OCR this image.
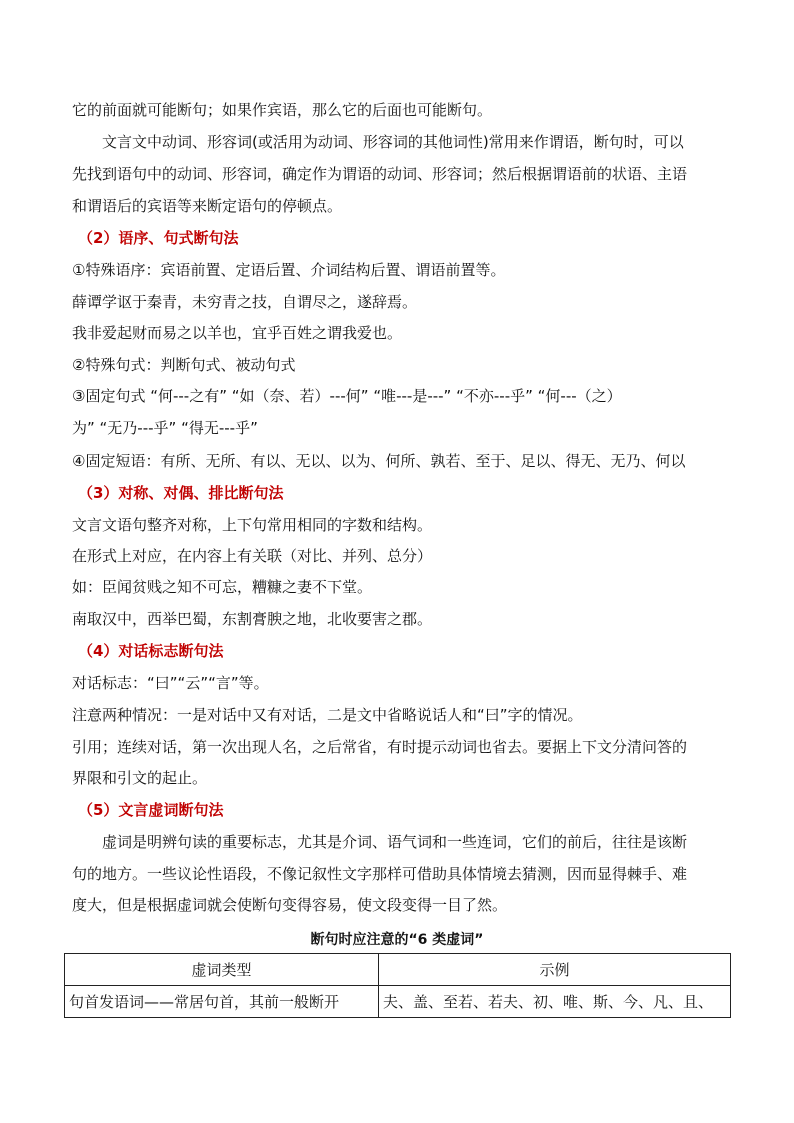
它的前面就可能断句；如果作宾语，那么它的后面也可能断句。
文言文中动词、形容词(或活用为动词、形容词的其他词性)常用来作谓语，断句时，可以
先找到语句中的动词、形容词，确定作为谓语的动词、形容词；然后根据谓语前的状语、主语
和谓语后的宾语等来断定语句的停顿点。
（2）语序、句式断句法
①特殊语序：宾语前置、定语后置、介词结构后置、谓语前置等。
薛谭学讴于秦青，未穷青之技，自谓尽之，遂辞焉。
我非爱起财而易之以羊也，宜乎百姓之谓我爱也。
②特殊句式：判断句式、被动句式
③固定句式 “何---之有” “如（奈、若）---何” “唯---是---” “不亦---乎” “何---（之）
为” “无乃---乎” “得无---乎”
④固定短语：有所、无所、有以、无以、以为、何所、孰若、至于、足以、得无、无乃、何以
（3）对称、对偶、排比断句法
文言文语句整齐对称，上下句常用相同的字数和结构。
在形式上对应，在内容上有关联（对比、并列、总分）
如：臣闻贫贱之知不可忘，糟糠之妻不下堂。
南取汉中，西举巴蜀，东割膏腴之地，北收要害之郡。
（4）对话标志断句法
对话标志：“曰”“云”“言”等。
注意两种情况：一是对话中又有对话，二是文中省略说话人和“曰”字的情况。
引用；连续对话，第一次出现人名，之后常省，有时提示动词也省去。要据上下文分清问答的
界限和引文的起止。
（5）文言虚词断句法
虚词是明辨句读的重要标志，尤其是介词、语气词和一些连词，它们的前后，往往是该断
句的地方。一些议论性语段，不像记叙性文字那样可借助具体情境去猜测，因而显得棘手、难
度大，但是根据虚词就会使断句变得容易，使文段变得一目了然。
断句时应注意的“6 类虚词”
虚词类型	示例
句首发语词——常居句首，其前一般断开	夫、盖、至若、若夫、初、唯、斯、今、凡、且、
